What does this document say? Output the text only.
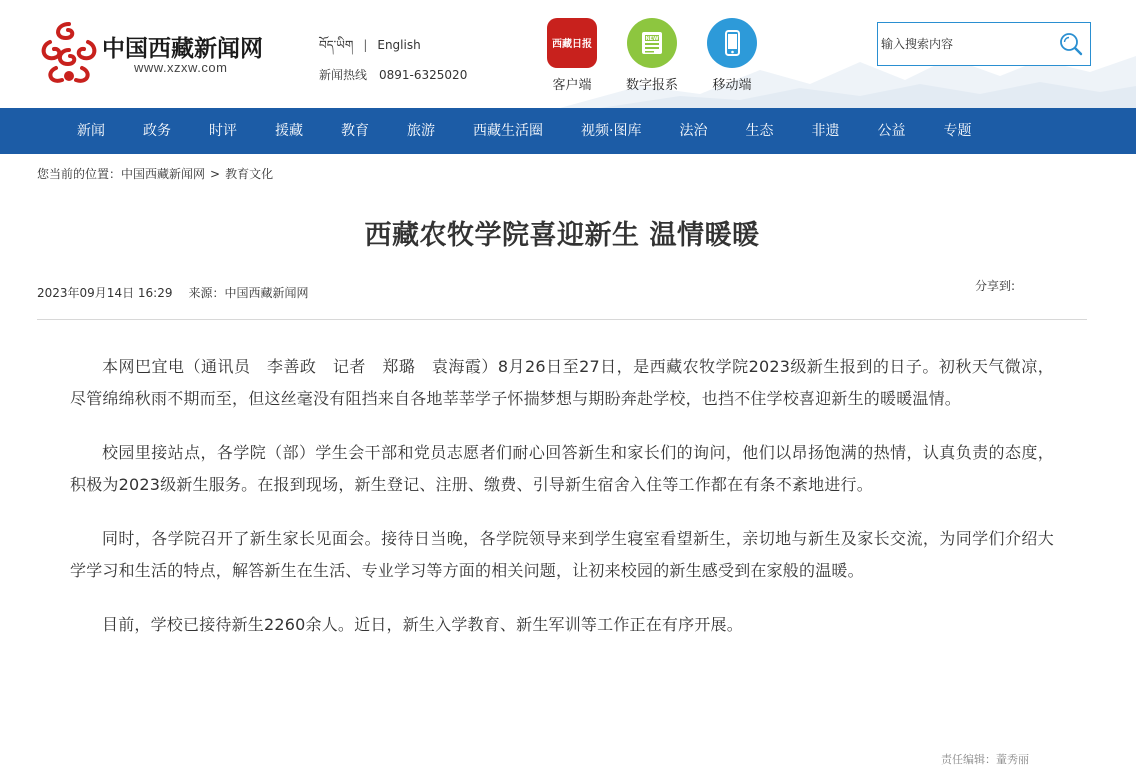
中国西藏新闻网
www.xzxw.com
བོད་ཡིག | English
新闻热线 0891-6325020
西藏日报
客户端
NEW
数字报系	移动端
输入搜索内容
新闻	政务	时评	援藏	教育	旅游	西藏生活圈	视频·图库	法治	生态	非遗	公益	专题
您当前的位置：中国西藏新闻网 > 教育文化
西藏农牧学院喜迎新生 温情暖暖
2023年09月14日 16:29 来源：中国西藏新闻网	分享到:

本网巴宜电（通讯员　李善政　记者　郑璐　袁海霞）8月26日至27日，是西藏农牧学院2023级新生报到的日子。初秋天气微凉，尽管绵绵秋雨不期而至，但这丝毫没有阻挡来自各地莘莘学子怀揣梦想与期盼奔赴学校，也挡不住学校喜迎新生的暖暖温情。

校园里接站点，各学院（部）学生会干部和党员志愿者们耐心回答新生和家长们的询问，他们以昂扬饱满的热情，认真负责的态度，积极为2023级新生服务。在报到现场，新生登记、注册、缴费、引导新生宿舍入住等工作都在有条不紊地进行。

同时，各学院召开了新生家长见面会。接待日当晚，各学院领导来到学生寝室看望新生，亲切地与新生及家长交流，为同学们介绍大学学习和生活的特点，解答新生在生活、专业学习等方面的相关问题，让初来校园的新生感受到在家般的温暖。

目前，学校已接待新生2260余人。近日，新生入学教育、新生军训等工作正在有序开展。

责任编辑：蕫秀丽
